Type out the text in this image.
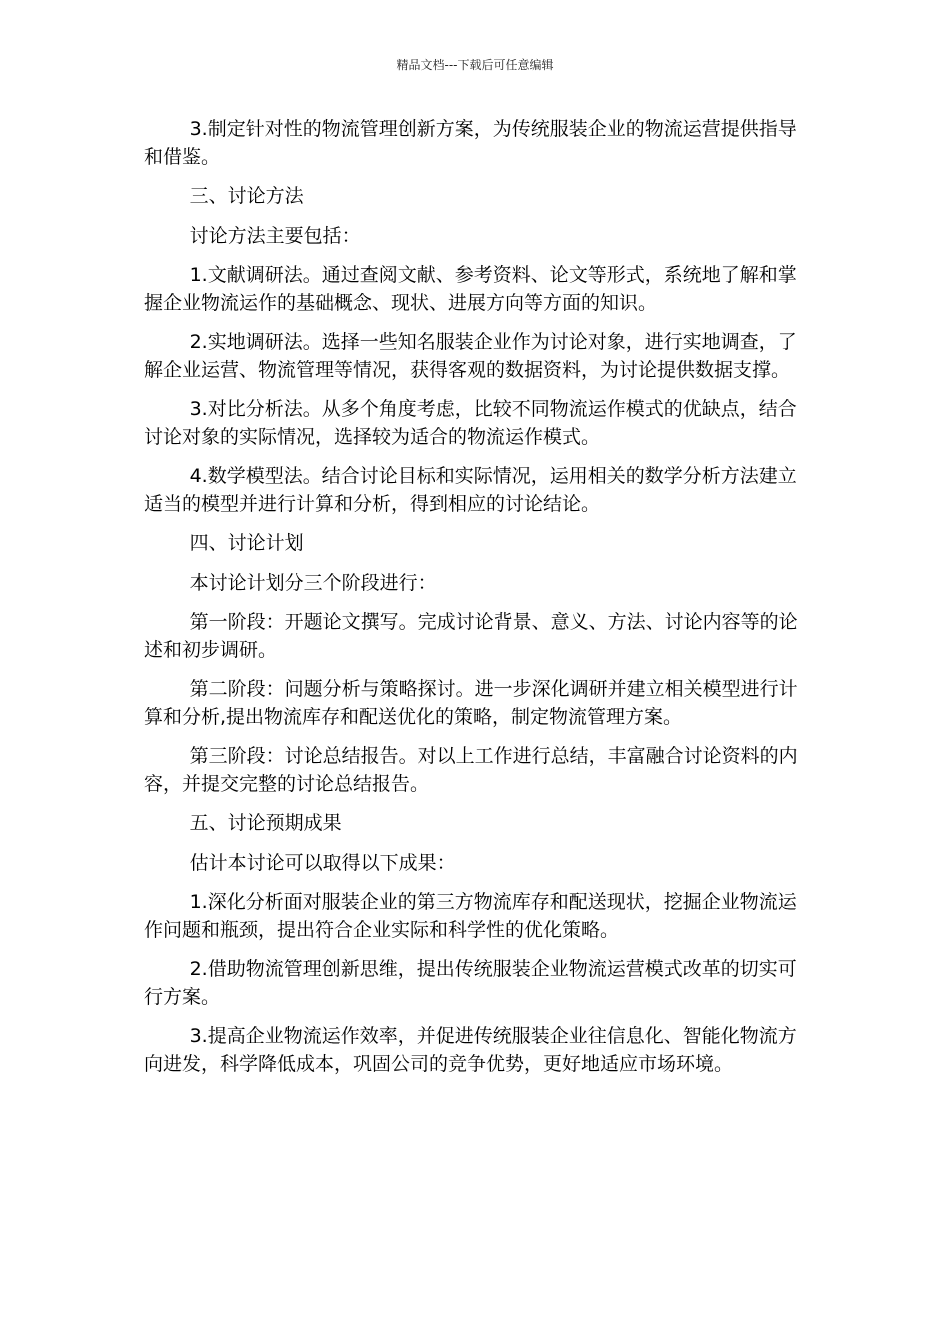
精品文档---下载后可任意编辑

3.制定针对性的物流管理创新方案，为传统服装企业的物流运营提供指导和借鉴。

三、讨论方法

讨论方法主要包括：

1.文献调研法。通过查阅文献、参考资料、论文等形式，系统地了解和掌握企业物流运作的基础概念、现状、进展方向等方面的知识。

2.实地调研法。选择一些知名服装企业作为讨论对象，进行实地调查，了解企业运营、物流管理等情况，获得客观的数据资料，为讨论提供数据支撑。

3.对比分析法。从多个角度考虑，比较不同物流运作模式的优缺点，结合讨论对象的实际情况，选择较为适合的物流运作模式。

4.数学模型法。结合讨论目标和实际情况，运用相关的数学分析方法建立适当的模型并进行计算和分析，得到相应的讨论结论。

四、讨论计划

本讨论计划分三个阶段进行：

第一阶段：开题论文撰写。完成讨论背景、意义、方法、讨论内容等的论述和初步调研。

第二阶段：问题分析与策略探讨。进一步深化调研并建立相关模型进行计算和分析,提出物流库存和配送优化的策略，制定物流管理方案。

第三阶段：讨论总结报告。对以上工作进行总结，丰富融合讨论资料的内容，并提交完整的讨论总结报告。

五、讨论预期成果

估计本讨论可以取得以下成果：

1.深化分析面对服装企业的第三方物流库存和配送现状，挖掘企业物流运作问题和瓶颈，提出符合企业实际和科学性的优化策略。

2.借助物流管理创新思维，提出传统服装企业物流运营模式改革的切实可行方案。

3.提高企业物流运作效率，并促进传统服装企业往信息化、智能化物流方向进发，科学降低成本，巩固公司的竞争优势，更好地适应市场环境。
